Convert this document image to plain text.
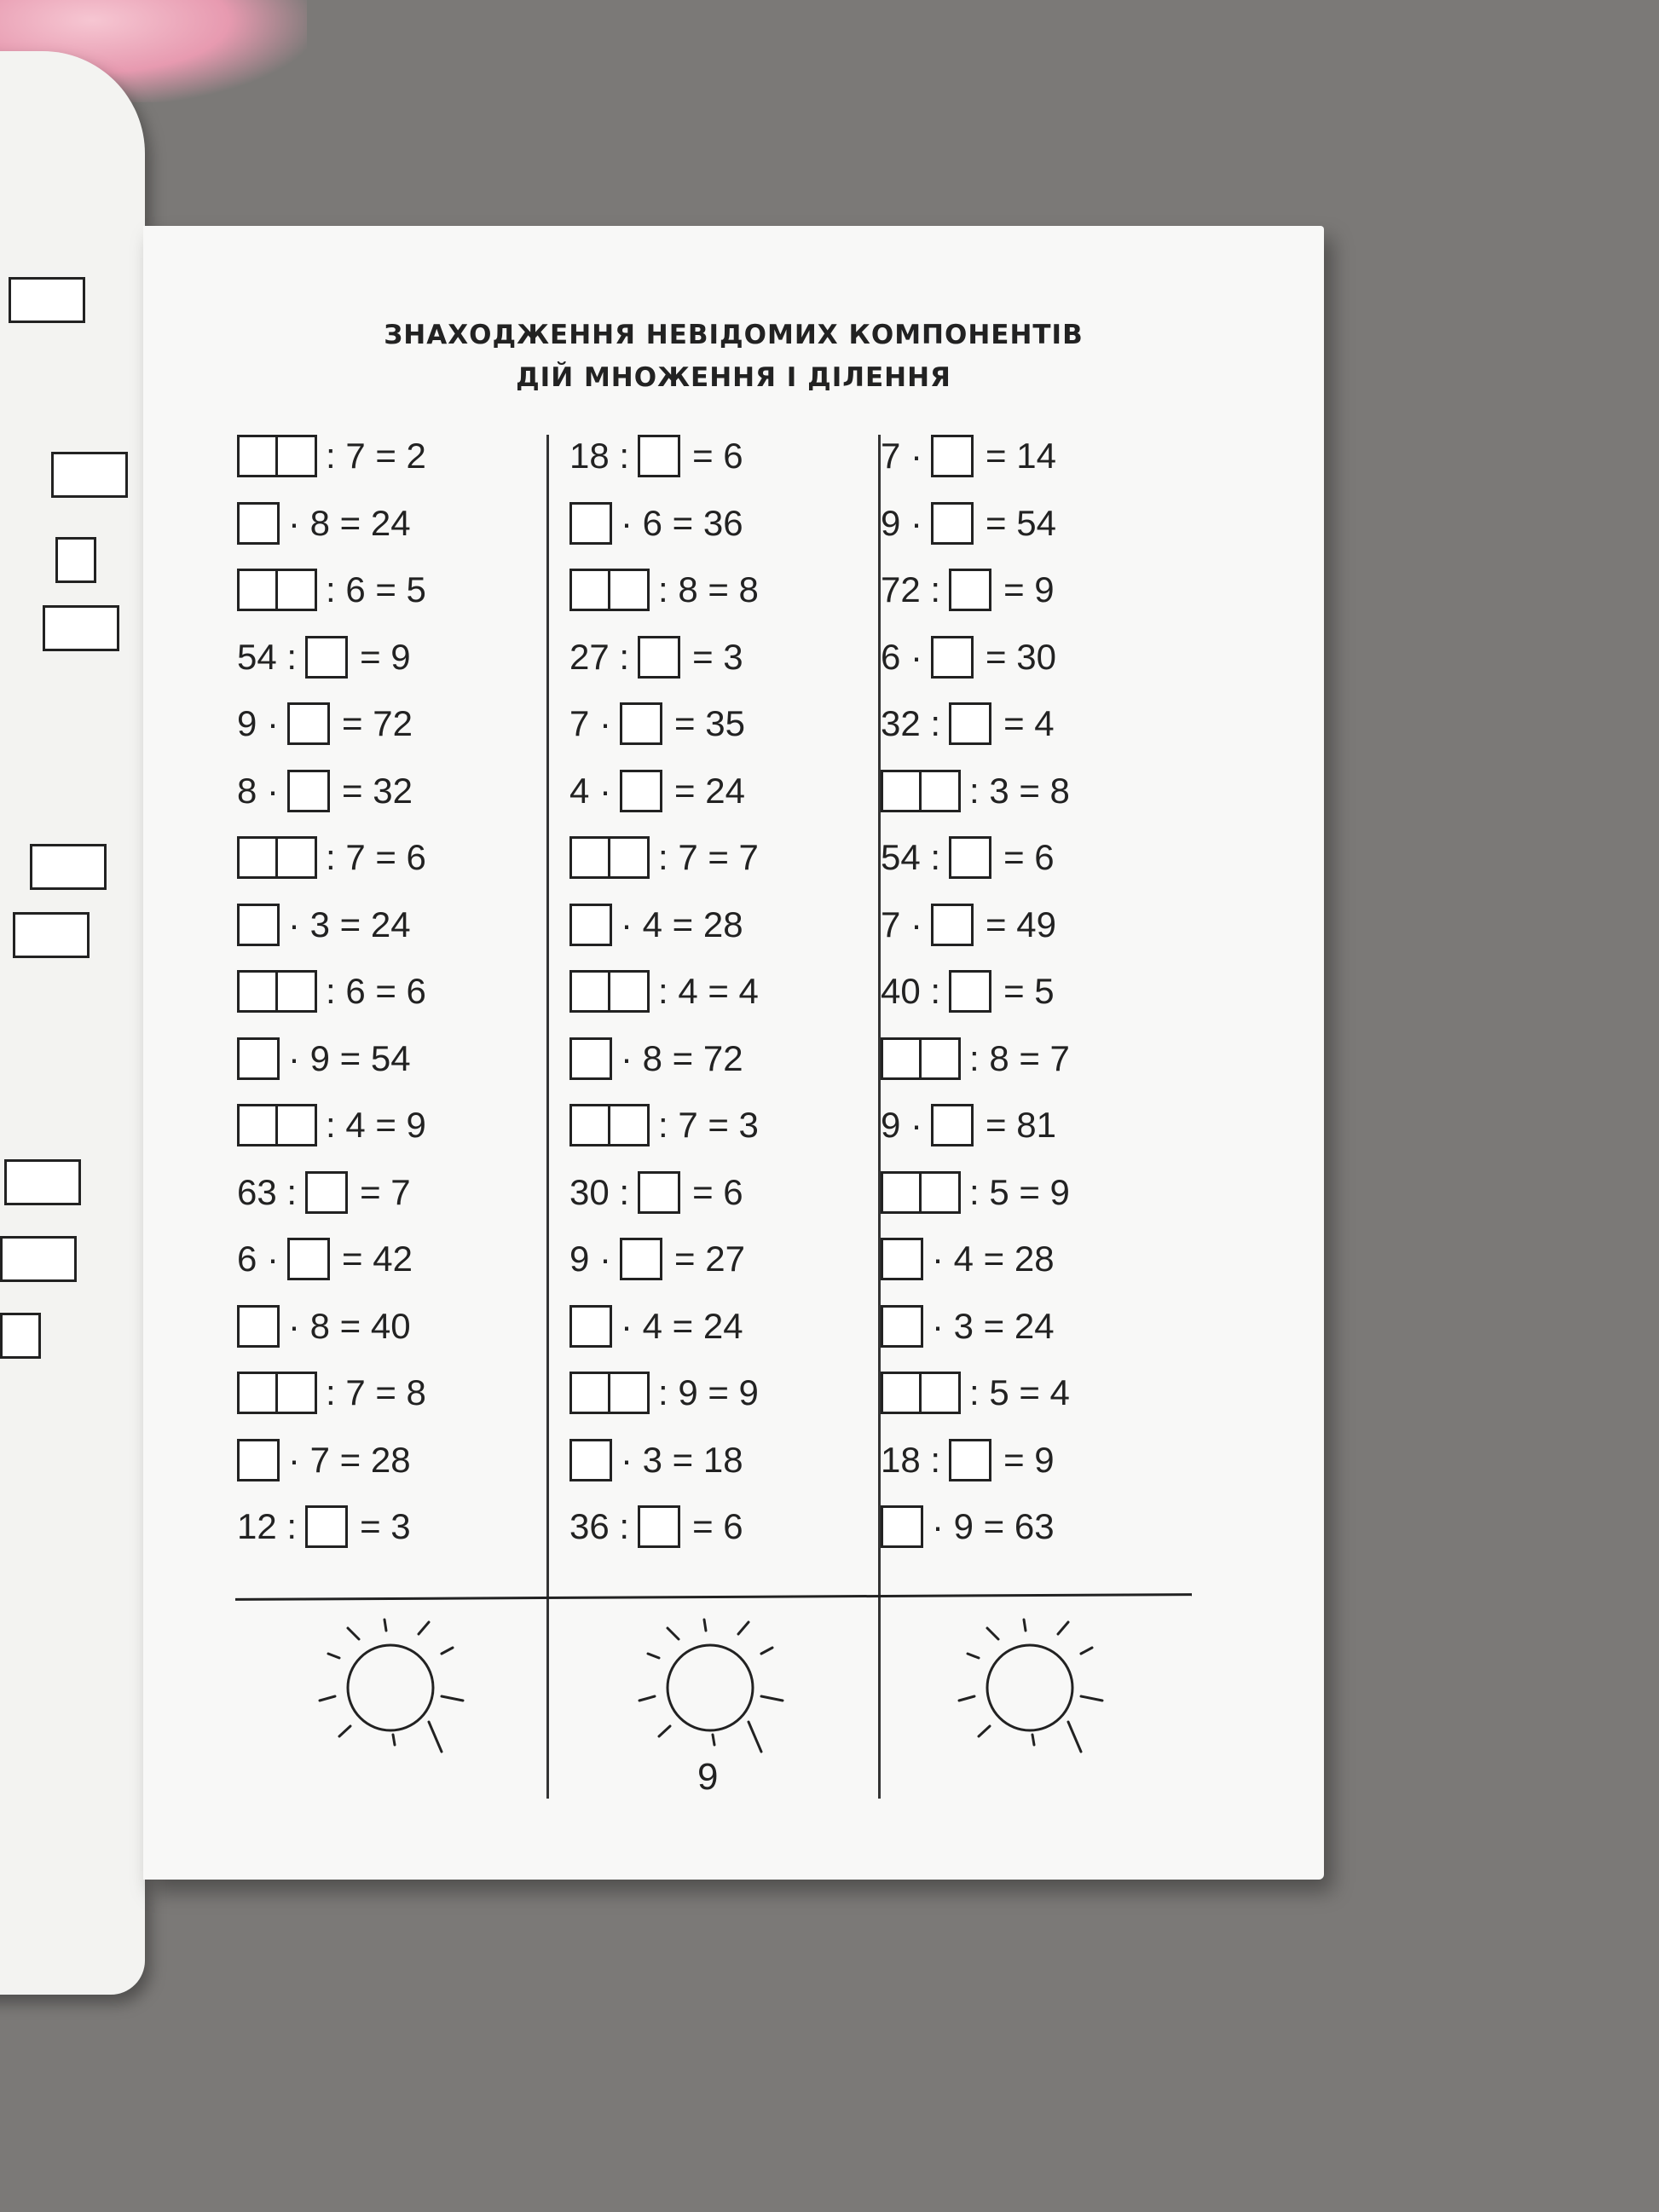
ЗНАХОДЖЕННЯ НЕВІДОМИХ КОМПОНЕНТІВ
ДІЙ МНОЖЕННЯ І ДІЛЕННЯ
: 7 = 2
· 8 = 24
: 6 = 5
54 : = 9
9 · = 72
8 · = 32
: 7 = 6
· 3 = 24
: 6 = 6
· 9 = 54
: 4 = 9
63 : = 7
6 · = 42
· 8 = 40
: 7 = 8
· 7 = 28
12 : = 3
18 : = 6
· 6 = 36
: 8 = 8
27 : = 3
7 · = 35
4 · = 24
: 7 = 7
· 4 = 28
: 4 = 4
· 8 = 72
: 7 = 3
30 : = 6
9 · = 27
· 4 = 24
: 9 = 9
· 3 = 18
36 : = 6
7 · = 14
9 · = 54
72 : = 9
6 · = 30
32 : = 4
: 3 = 8
54 : = 6
7 · = 49
40 : = 5
: 8 = 7
9 · = 81
: 5 = 9
· 4 = 28
· 3 = 24
: 5 = 4
18 : = 9
· 9 = 63
9
